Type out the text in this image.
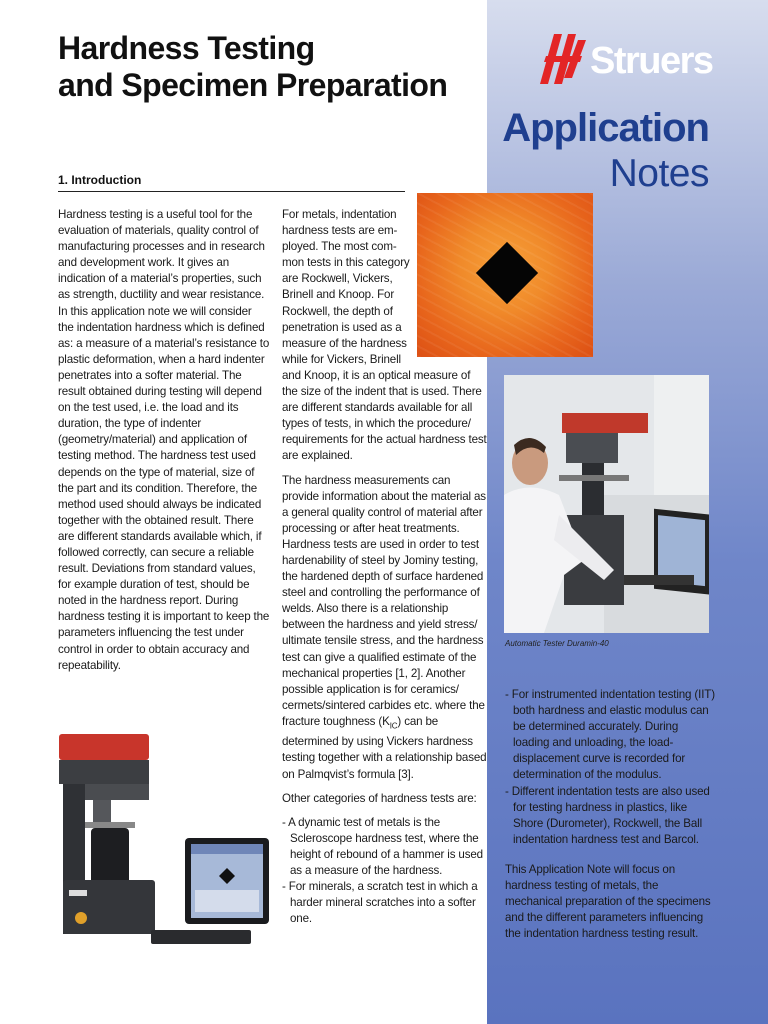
Struers
Application
Notes
Hardness Testing
and Specimen Preparation
1. Introduction

Hardness testing is a useful tool for the evaluation of materials, quality control of manufacturing processes and in research and development work. It gives an indication of a material’s properties, such as strength, ductility and wear resistance. In this application note we will consider the indentation hardness which is defined as: a measure of a material’s resistance to plastic deformation, when a hard indenter penetrates into a softer material. The result obtained during testing will depend on the test used, i.e. the load and its duration, the type of indenter (geometry/material) and application of testing method. The hardness test used depends on the type of material, size of the part and its condition. Therefore, the method used should always be indicated together with the obtained result. There are different standards available which, if followed correctly, can secure a reliable result. Deviations from standard values, for example duration of test, should be noted in the hardness report. During hardness testing it is important to keep the parameters influencing the test under control in order to obtain accuracy and repeatability.

For metals, indentation
hardness tests are em-
ployed. The most com-
mon tests in this category
are Rockwell, Vickers,
Brinell and Knoop. For
Rockwell, the depth of
penetration is used as a
measure of the hardness
while for Vickers, Brinell
and Knoop, it is an optical measure of the size of the indent that is used. There are different standards available for all types of tests, in which the procedure/ requirements for the actual hardness test are explained.

The hardness measurements can provide information about the material as a general quality control of material after processing or after heat treatments. Hardness tests are used in order to test hardenability of steel by Jominy testing, the hardened depth of surface hardened steel and controlling the performance of welds. Also there is a relationship between the hardness and yield stress/ ultimate tensile stress, and the hardness test can give a qualified estimate of the mechanical properties [1, 2]. Another possible application is for ceramics/ cermets/sintered carbides etc. where the fracture toughness $(K_{IC})$ can be determined by using Vickers hardness testing together with a relationship based on Palmqvist’s formula [3].

Other categories of hardness tests are:

- A dynamic test of metals is the Scleroscope hardness test, where the height of rebound of a hammer is used as a measure of the hardness.
- For minerals, a scratch test in which a harder mineral scratches into a softer one.
Automatic Tester Duramin-40
- For instrumented indentation testing (IIT) both hardness and elastic modulus can be determined accurately. During loading and unloading, the load-displacement curve is recorded for determination of the modulus.
- Different indentation tests are also used for testing hardness in plastics, like Shore (Durometer), Rockwell, the Ball indentation hardness test and Barcol.

This Application Note will focus on hardness testing of metals, the mechanical preparation of the specimens and the different parameters influencing the indentation hardness testing result.
